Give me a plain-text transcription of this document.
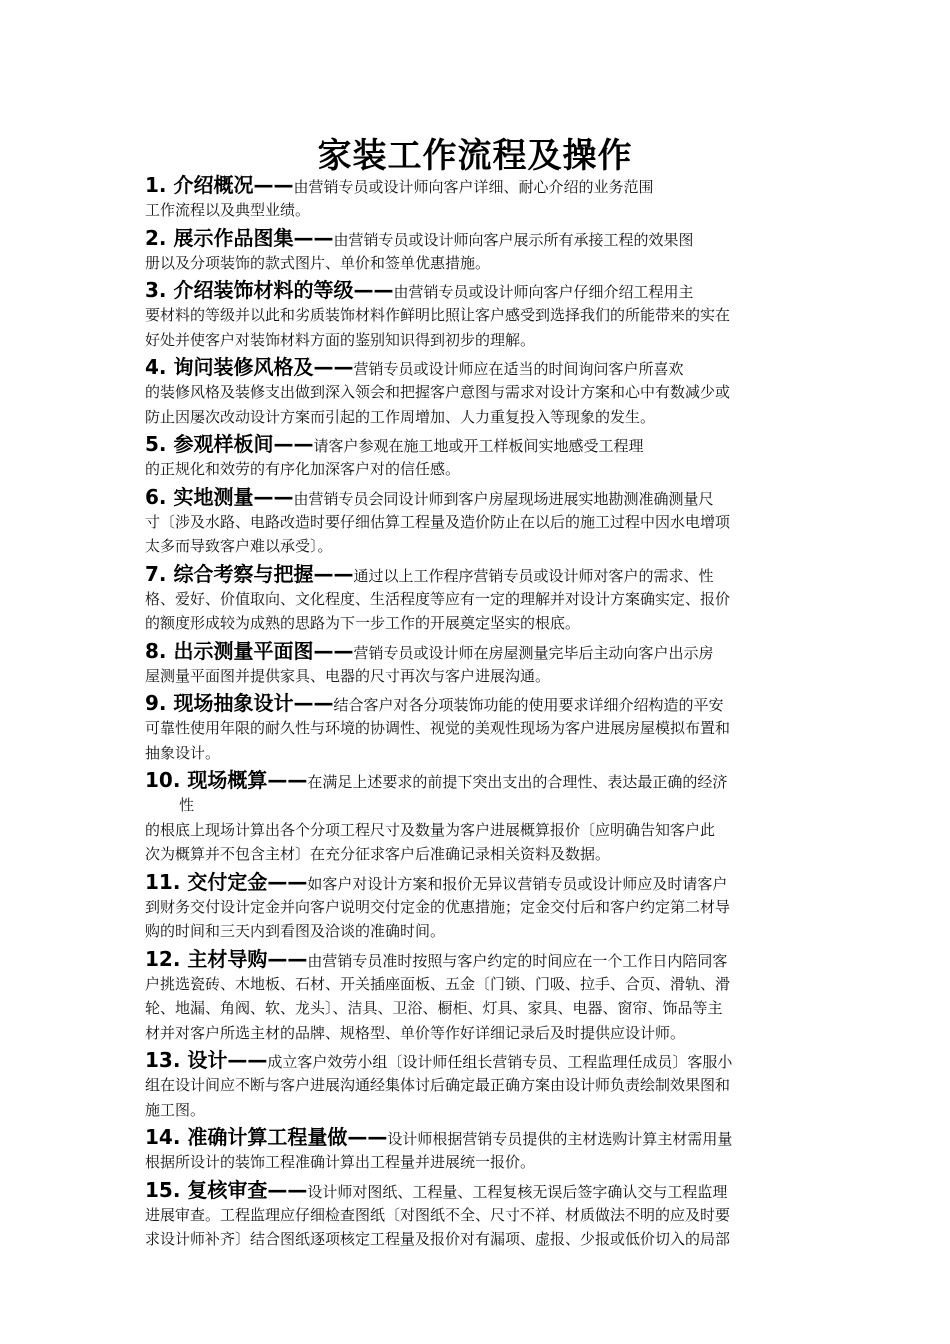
家装工作流程及操作
1. 介绍概况——由营销专员或设计师向客户详细、耐心介绍的业务范围
工作流程以及典型业绩。
2. 展示作品图集——由营销专员或设计师向客户展示所有承接工程的效果图
册以及分项装饰的款式图片、单价和签单优惠措施。
3. 介绍装饰材料的等级——由营销专员或设计师向客户仔细介绍工程用主
要材料的等级并以此和劣质装饰材料作鲜明比照让客户感受到选择我们的所能带来的实在
好处并使客户对装饰材料方面的鉴别知识得到初步的理解。
4. 询问装修风格及——营销专员或设计师应在适当的时间询问客户所喜欢
的装修风格及装修支出做到深入领会和把握客户意图与需求对设计方案和心中有数减少或
防止因屡次改动设计方案而引起的工作周增加、人力重复投入等现象的发生。
5. 参观样板间——请客户参观在施工地或开工样板间实地感受工程理
的正规化和效劳的有序化加深客户对的信任感。
6. 实地测量——由营销专员会同设计师到客户房屋现场进展实地勘测准确测量尺
寸〔涉及水路、电路改造时要仔细估算工程量及造价防止在以后的施工过程中因水电增项
太多而导致客户难以承受〕。
7. 综合考察与把握——通过以上工作程序营销专员或设计师对客户的需求、性
格、爱好、价值取向、文化程度、生活程度等应有一定的理解并对设计方案确实定、报价
的额度形成较为成熟的思路为下一步工作的开展奠定坚实的根底。
8. 出示测量平面图——营销专员或设计师在房屋测量完毕后主动向客户出示房
屋测量平面图并提供家具、电器的尺寸再次与客户进展沟通。
9. 现场抽象设计——结合客户对各分项装饰功能的使用要求详细介绍构造的平安
可靠性使用年限的耐久性与环境的协调性、视觉的美观性现场为客户进展房屋模拟布置和
抽象设计。
10. 现场概算——在满足上述要求的前提下突出支出的合理性、表达最正确的经济
性
的根底上现场计算出各个分项工程尺寸及数量为客户进展概算报价〔应明确告知客户此
次为概算并不包含主材〕在充分征求客户后准确记录相关资料及数据。
11. 交付定金——如客户对设计方案和报价无异议营销专员或设计师应及时请客户
到财务交付设计定金并向客户说明交付定金的优惠措施；定金交付后和客户约定第二材导
购的时间和三天内到看图及洽谈的准确时间。
12. 主材导购——由营销专员准时按照与客户约定的时间应在一个工作日内陪同客
户挑选瓷砖、木地板、石材、开关插座面板、五金〔门锁、门吸、拉手、合页、滑轨、滑
轮、地漏、角阀、软、龙头〕、洁具、卫浴、橱柜、灯具、家具、电器、窗帘、饰品等主
材并对客户所选主材的品牌、规格型、单价等作好详细记录后及时提供应设计师。
13. 设计——成立客户效劳小组〔设计师任组长营销专员、工程监理任成员〕客服小
组在设计间应不断与客户进展沟通经集体讨后确定最正确方案由设计师负责绘制效果图和
施工图。
14. 准确计算工程量做——设计师根据营销专员提供的主材选购计算主材需用量
根据所设计的装饰工程准确计算出工程量并进展统一报价。
15. 复核审查——设计师对图纸、工程量、工程复核无误后签字确认交与工程监理
进展审查。工程监理应仔细检查图纸〔对图纸不全、尺寸不祥、材质做法不明的应及时要
求设计师补齐〕结合图纸逐项核定工程量及报价对有漏项、虚报、少报或低价切入的局部
